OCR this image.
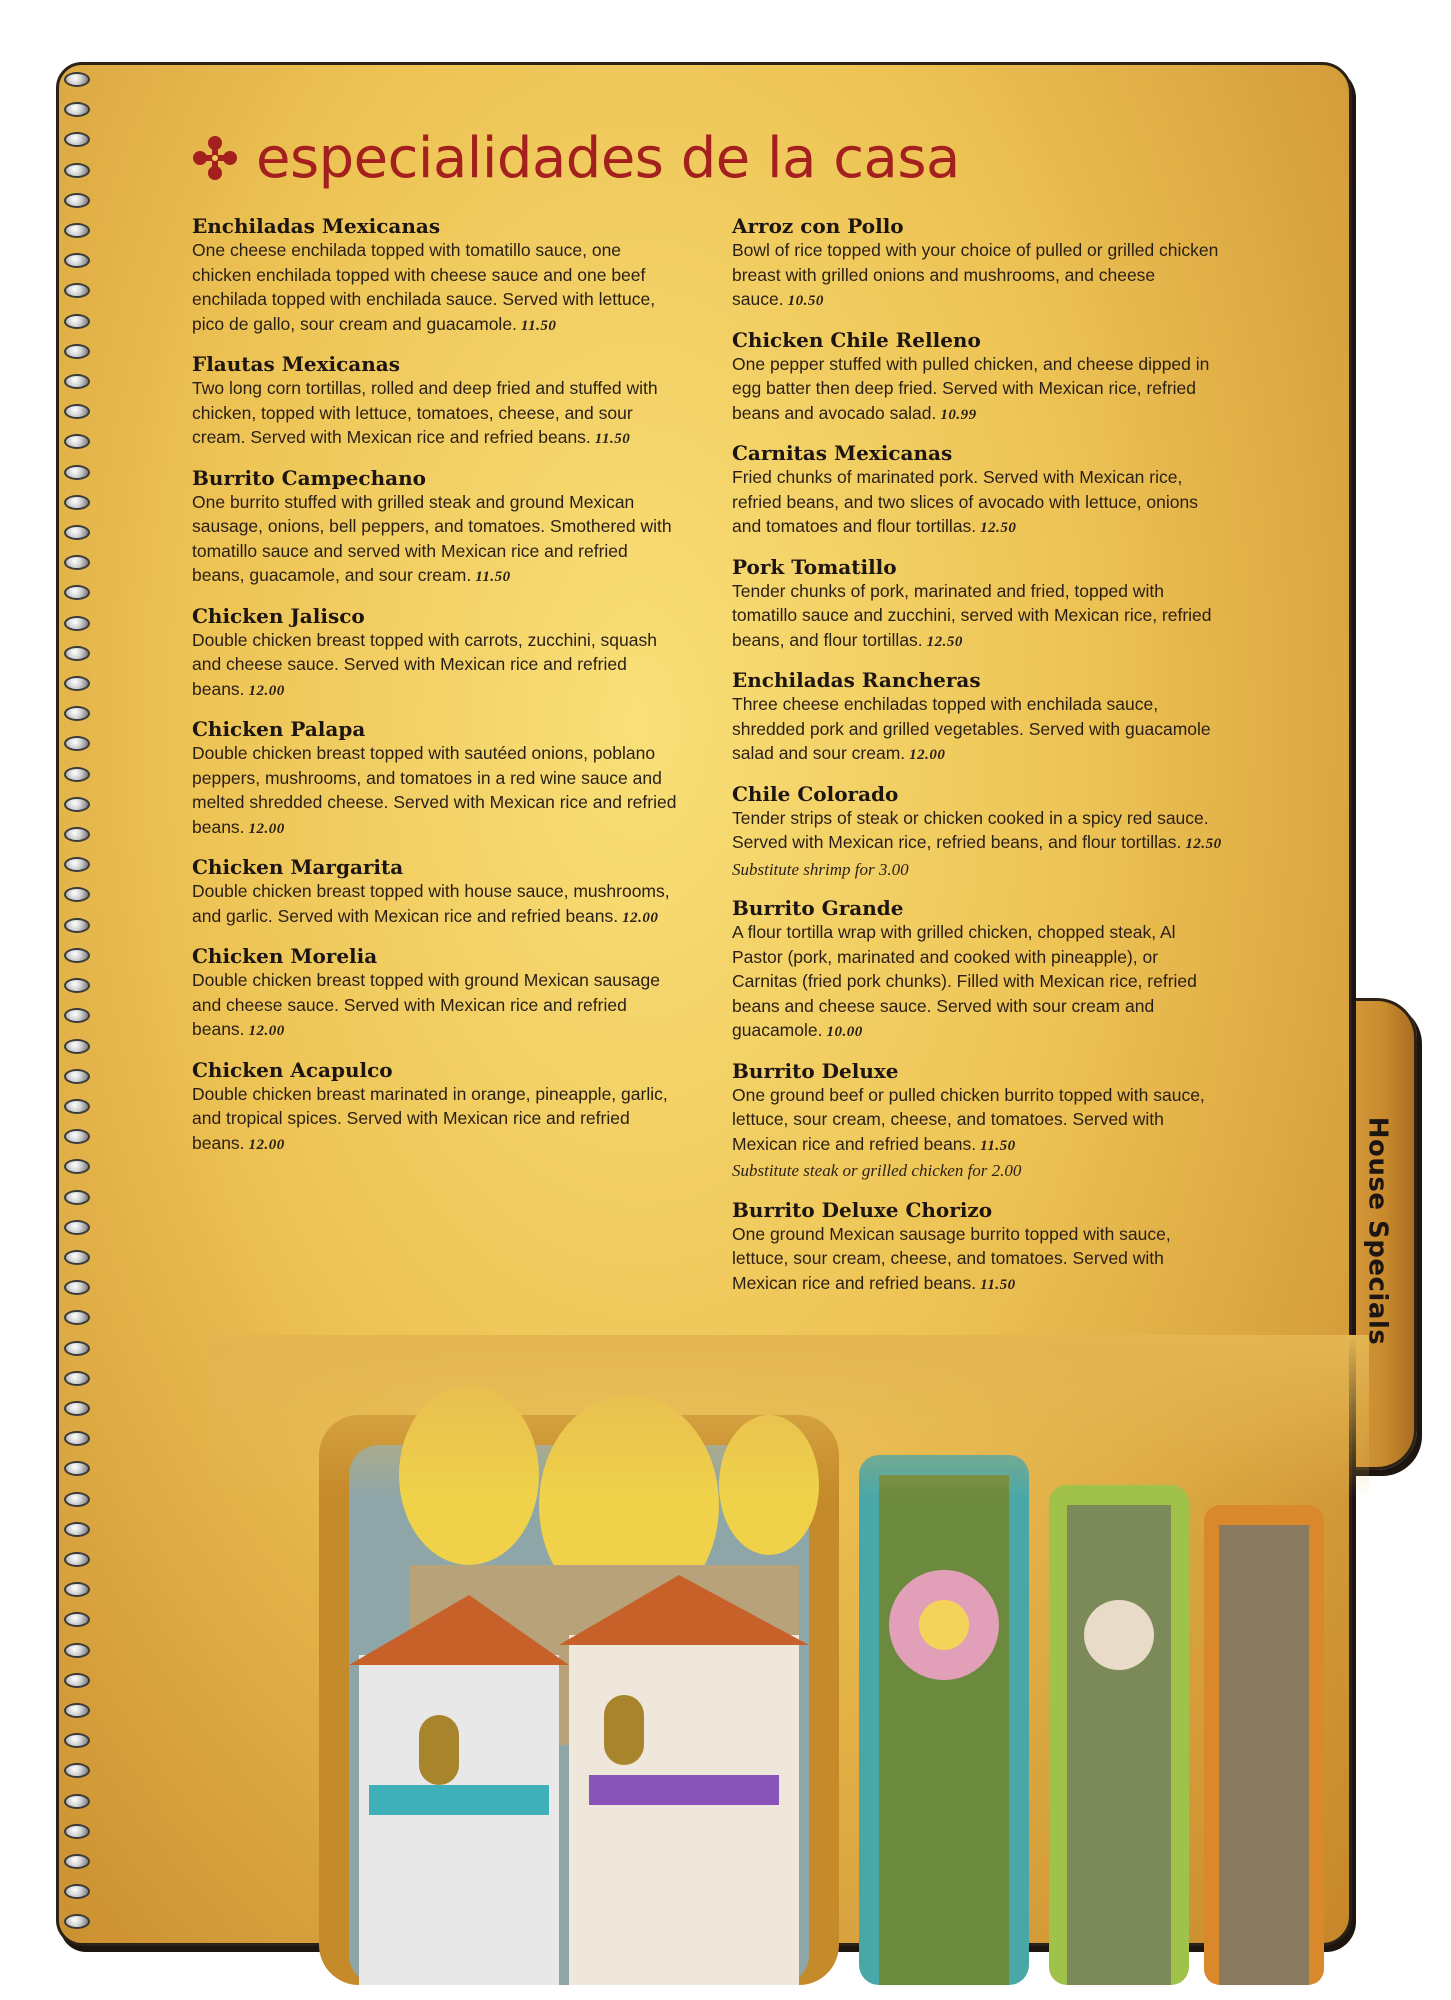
House Specials
especialidades de la casa
Enchiladas Mexicanas
One cheese enchilada topped with tomatillo sauce, one chicken enchilada topped with cheese sauce and one beef enchilada topped with enchilada sauce. Served with lettuce, pico de gallo, sour cream and guacamole. 11.50
Flautas Mexicanas
Two long corn tortillas, rolled and deep fried and stuffed with chicken, topped with lettuce, tomatoes, cheese, and sour cream. Served with Mexican rice and refried beans. 11.50
Burrito Campechano
One burrito stuffed with grilled steak and ground Mexican sausage, onions, bell peppers, and tomatoes. Smothered with tomatillo sauce and served with Mexican rice and refried beans, guacamole, and sour cream. 11.50
Chicken Jalisco
Double chicken breast topped with carrots, zucchini, squash and cheese sauce. Served with Mexican rice and refried beans. 12.00
Chicken Palapa
Double chicken breast topped with sautéed onions, poblano peppers, mushrooms, and tomatoes in a red wine sauce and melted shredded cheese. Served with Mexican rice and refried beans. 12.00
Chicken Margarita
Double chicken breast topped with house sauce, mushrooms, and garlic. Served with Mexican rice and refried beans. 12.00
Chicken Morelia
Double chicken breast topped with ground Mexican sausage and cheese sauce. Served with Mexican rice and refried beans. 12.00
Chicken Acapulco
Double chicken breast marinated in orange, pineapple, garlic, and tropical spices. Served with Mexican rice and refried beans. 12.00
Arroz con Pollo
Bowl of rice topped with your choice of pulled or grilled chicken breast with grilled onions and mushrooms, and cheese sauce. 10.50
Chicken Chile Relleno
One pepper stuffed with pulled chicken, and cheese dipped in egg batter then deep fried. Served with Mexican rice, refried beans and avocado salad. 10.99
Carnitas Mexicanas
Fried chunks of marinated pork. Served with Mexican rice, refried beans, and two slices of avocado with lettuce, onions and tomatoes and flour tortillas. 12.50
Pork Tomatillo
Tender chunks of pork, marinated and fried, topped with tomatillo sauce and zucchini, served with Mexican rice, refried beans, and flour tortillas. 12.50
Enchiladas Rancheras
Three cheese enchiladas topped with enchilada sauce, shredded pork and grilled vegetables. Served with guacamole salad and sour cream. 12.00
Chile Colorado
Tender strips of steak or chicken cooked in a spicy red sauce. Served with Mexican rice, refried beans, and flour tortillas. 12.50 Substitute shrimp for 3.00
Burrito Grande
A flour tortilla wrap with grilled chicken, chopped steak, Al Pastor (pork, marinated and cooked with pineapple), or Carnitas (fried pork chunks). Filled with Mexican rice, refried beans and cheese sauce. Served with sour cream and guacamole. 10.00
Burrito Deluxe
One ground beef or pulled chicken burrito topped with sauce, lettuce, sour cream, cheese, and tomatoes. Served with Mexican rice and refried beans. 11.50
Substitute steak or grilled chicken for 2.00
Burrito Deluxe Chorizo
One ground Mexican sausage burrito topped with sauce, lettuce, sour cream, cheese, and tomatoes. Served with Mexican rice and refried beans. 11.50
